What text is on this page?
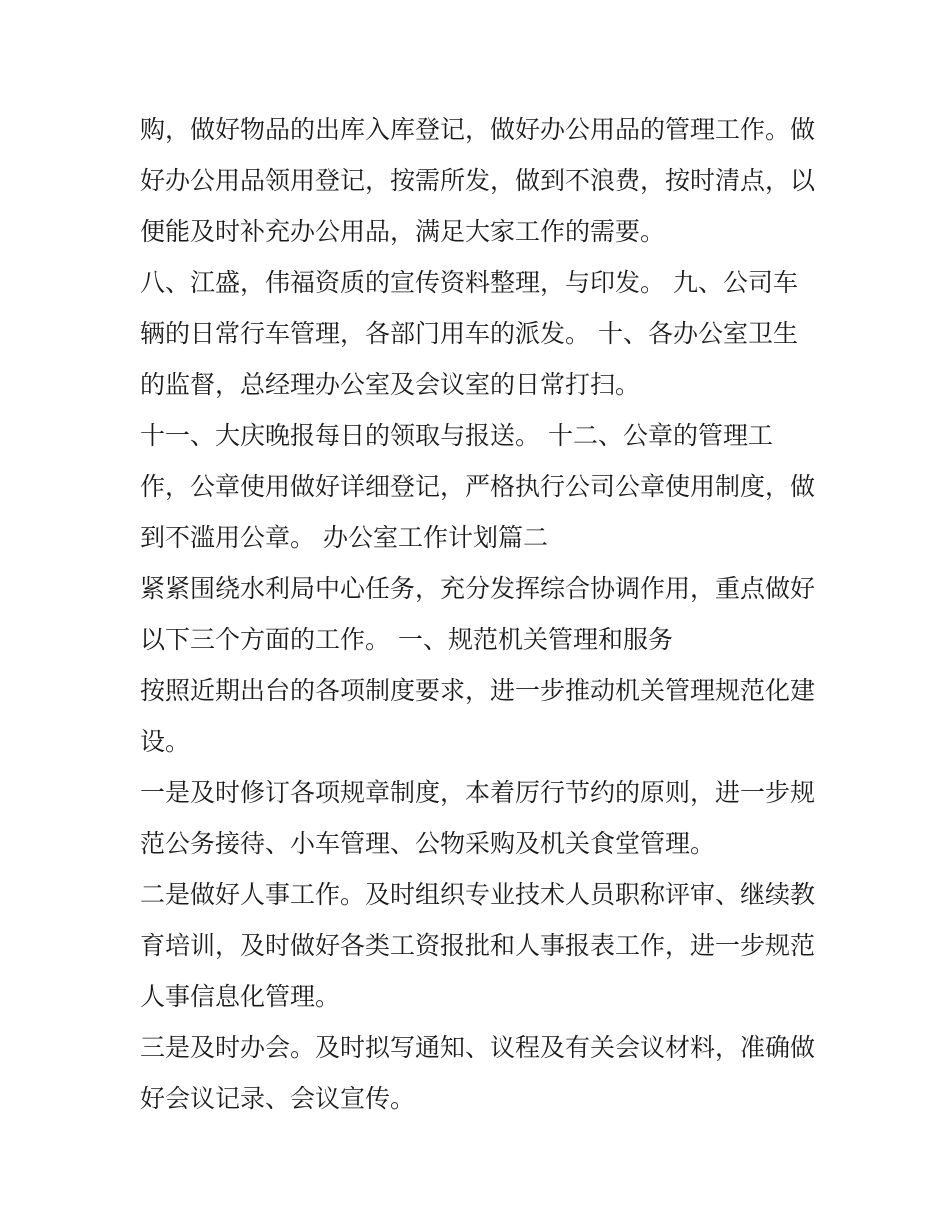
购，做好物品的出库入库登记，做好办公用品的管理工作。做
好办公用品领用登记，按需所发，做到不浪费，按时清点，以
便能及时补充办公用品，满足大家工作的需要。
八、江盛，伟福资质的宣传资料整理，与印发。 九、公司车
辆的日常行车管理，各部门用车的派发。 十、各办公室卫生
的监督，总经理办公室及会议室的日常打扫。
十一、大庆晚报每日的领取与报送。 十二、公章的管理工
作，公章使用做好详细登记，严格执行公司公章使用制度，做
到不滥用公章。 办公室工作计划篇二
紧紧围绕水利局中心任务，充分发挥综合协调作用，重点做好
以下三个方面的工作。 一、规范机关管理和服务
按照近期出台的各项制度要求，进一步推动机关管理规范化建
设。
一是及时修订各项规章制度，本着厉行节约的原则，进一步规
范公务接待、小车管理、公物采购及机关食堂管理。
二是做好人事工作。及时组织专业技术人员职称评审、继续教
育培训，及时做好各类工资报批和人事报表工作，进一步规范
人事信息化管理。
三是及时办会。及时拟写通知、议程及有关会议材料，准确做
好会议记录、会议宣传。
